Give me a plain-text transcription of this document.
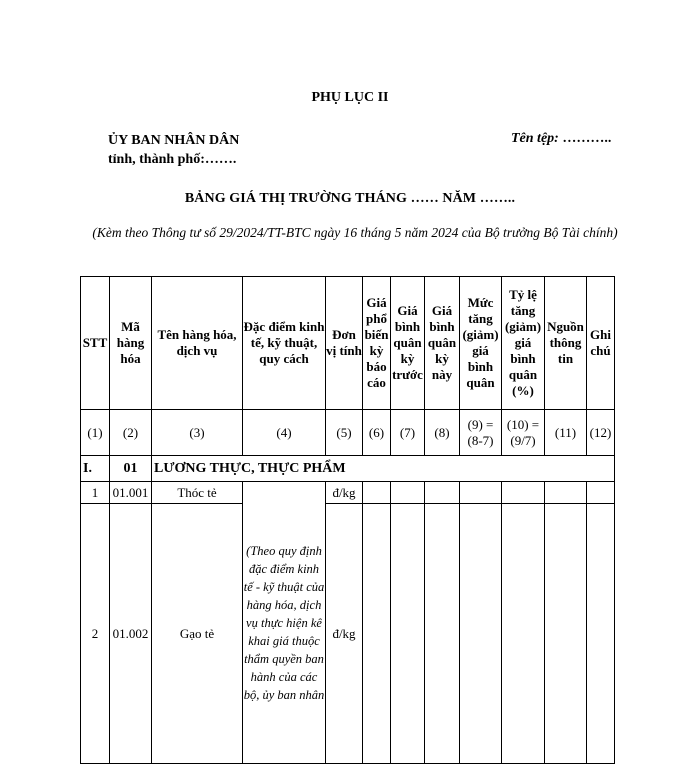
PHỤ LỤC II
ỦY BAN NHÂN DÂN
tỉnh, thành phố:…….
Tên tệp: ………..
BẢNG GIÁ THỊ TRƯỜNG THÁNG …… NĂM ……..
(Kèm theo Thông tư số 29/2024/TT-BTC ngày 16 tháng 5 năm 2024 của Bộ trưởng Bộ Tài chính)
STT	Mã hàng hóa	Tên hàng hóa, dịch vụ	Đặc điểm kinh tế, kỹ thuật, quy cách	Đơn vị tính	Giá phổ biến kỳ báo cáo	Giá bình quân kỳ trước	Giá bình quân kỳ này	Mức tăng (giảm) giá bình quân	Tỷ lệ tăng (giảm) giá bình quân (%)	Nguồn thông tin	Ghi chú
(1)	(2)	(3)	(4)	(5)	(6)	(7)	(8)	(9) = (8-7)	(10) = (9/7)	(11)	(12)
I.	01	LƯƠNG THỰC, THỰC PHẨM									
1	01.001	Thóc tẻ	(Theo quy định đặc điểm kinh tế - kỹ thuật của hàng hóa, dịch vụ thực hiện kê khai giá thuộc thẩm quyền ban hành của các bộ, ủy ban nhân	đ/kg							
2	01.002	Gạo tẻ		đ/kg							
